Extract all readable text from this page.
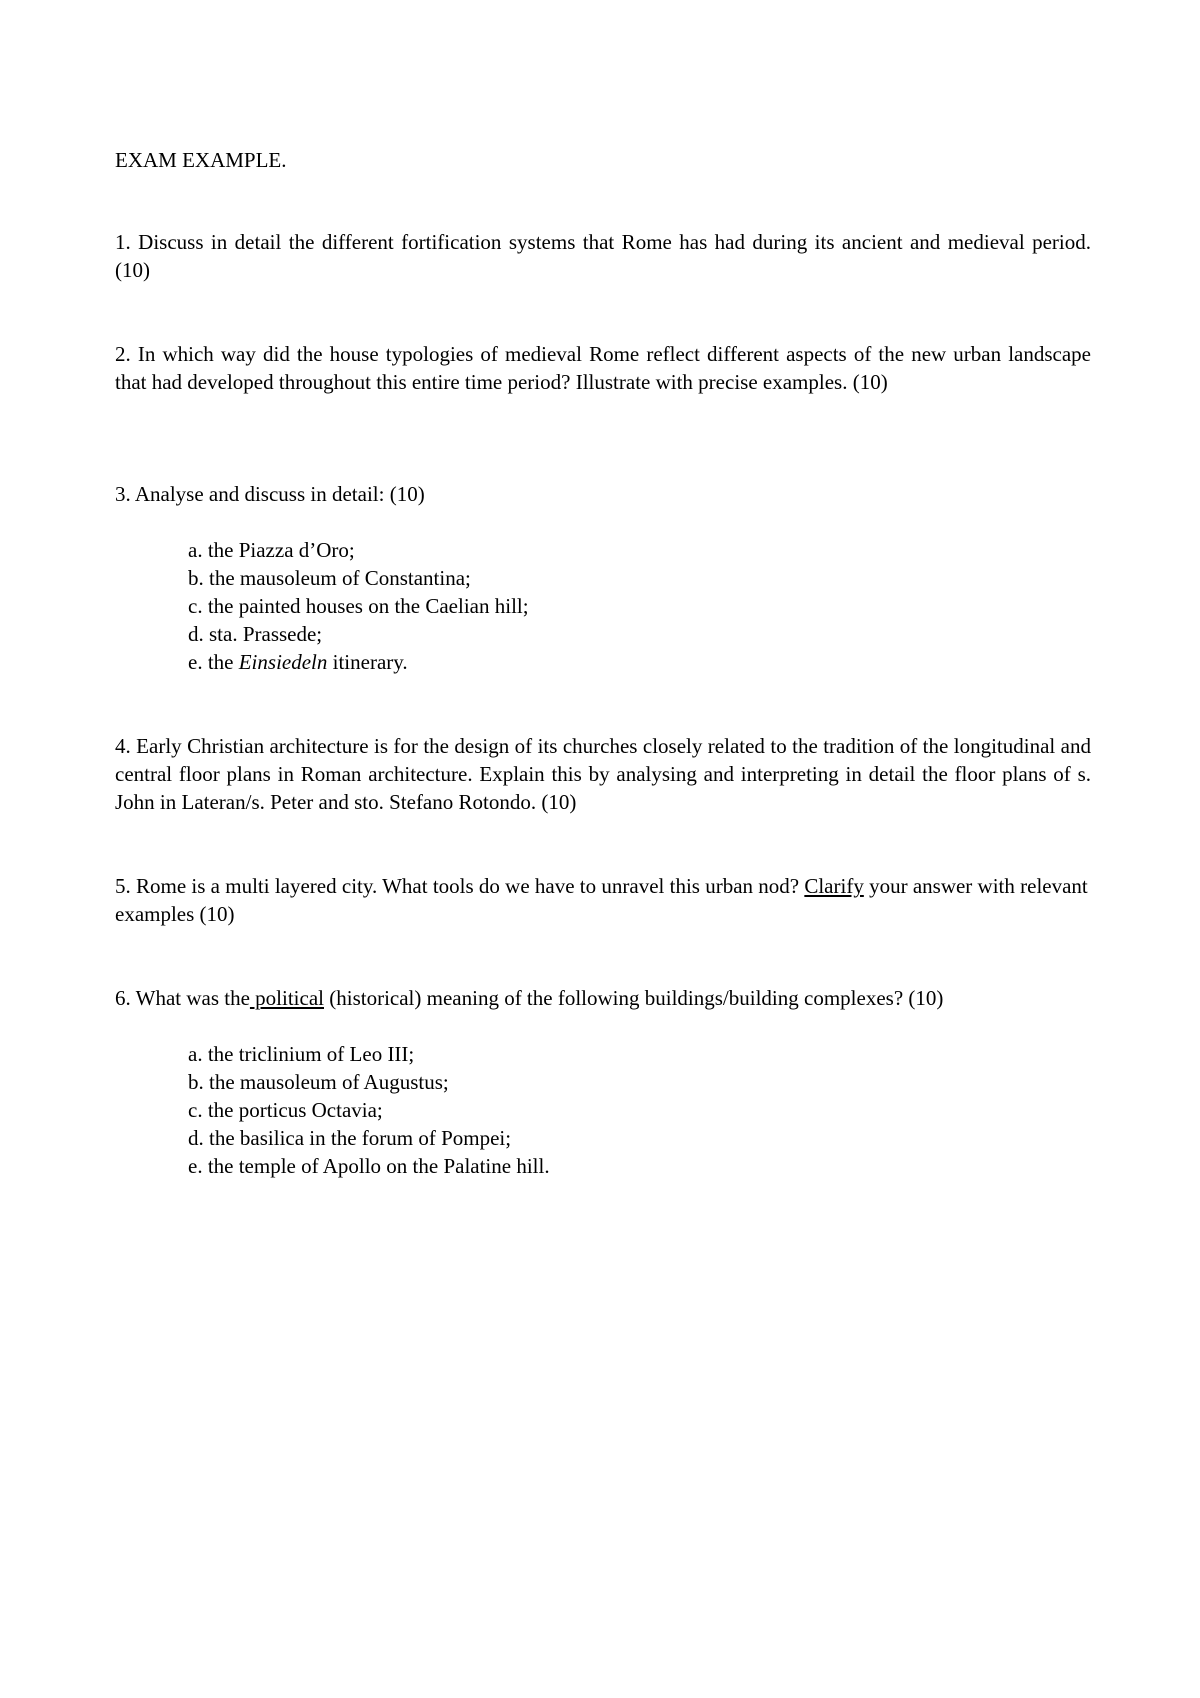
EXAM EXAMPLE.
1. Discuss in detail the different fortification systems that Rome has had during its ancient and medieval period. (10)
2. In which way did the house typologies of medieval Rome reflect different aspects of the new urban landscape that had developed throughout this entire time period? Illustrate with precise examples. (10)
3. Analyse and discuss in detail: (10)
a. the Piazza d’Oro;
b. the mausoleum of Constantina;
c. the painted houses on the Caelian hill;
d. sta. Prassede;
e. the Einsiedeln itinerary.
4. Early Christian architecture is for the design of its churches closely related to the tradition of the longitudinal and central floor plans in Roman architecture. Explain this by analysing and interpreting in detail the floor plans of s. John in Lateran/s. Peter and sto. Stefano Rotondo. (10)
5. Rome is a multi layered city. What tools do we have to unravel this urban nod? Clarify your answer with relevant examples (10)
6. What was the political (historical) meaning of the following buildings/building complexes? (10)
a. the triclinium of Leo III;
b. the mausoleum of Augustus;
c. the porticus Octavia;
d. the basilica in the forum of Pompei;
e. the temple of Apollo on the Palatine hill.
